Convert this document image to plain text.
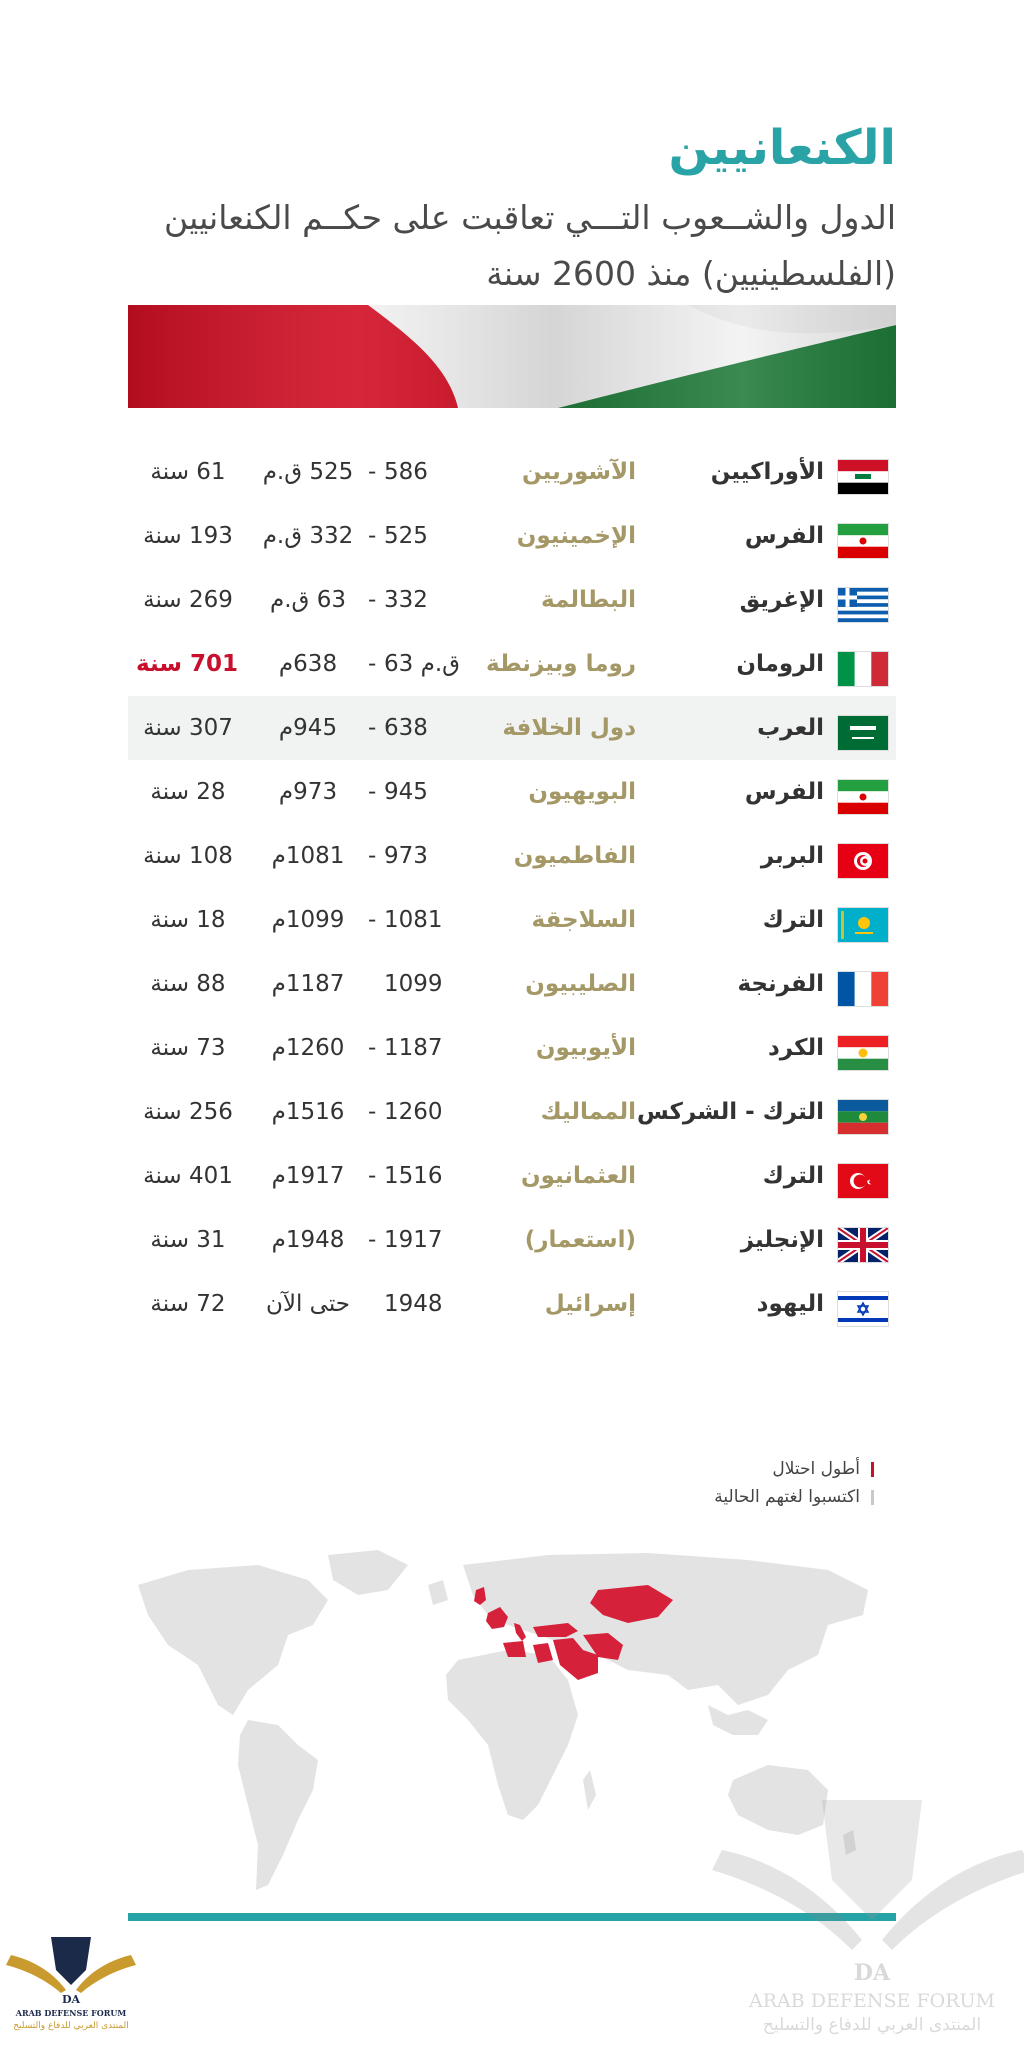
الكنعانيين
الدول والشــعوب التـــي تعاقبت على حكــم الكنعانيين (الفلسطينيين) منذ 2600 سنة
الأوراكيين
الآشوريين
586
-
525 ق.م
61 سنة
الفرس
الإخمينيون
525
-
332 ق.م
193 سنة
الإغريق
البطالمة
332
-
63 ق.م
269 سنة
الرومان
روما وبيزنطة
63 ق.م
-
638م
701 سنة
العرب
دول الخلافة
638
-
945م
307 سنة
الفرس
البويهيون
945
-
973م
28 سنة
البربر
الفاطميون
973
-
1081م
108 سنة
الترك
السلاجقة
1081
-
1099م
18 سنة
الفرنجة
الصليبيون
1099
1187م
88 سنة
الكرد
الأيوبيون
1187
-
1260م
73 سنة
الترك - الشركس
المماليك
1260
-
1516م
256 سنة
الترك
العثمانيون
1516
-
1917م
401 سنة
الإنجليز
(استعمار)
1917
-
1948م
31 سنة
اليهود
إسرائيل
1948
حتى الآن
72 سنة
أطول احتلال
اكتسبوا لغتهم الحالية
DA
ARAB DEFENSE FORUM
المنتدى العربي للدفاع والتسليح
DA
ARAB DEFENSE FORUM
المنتدى العربي للدفاع والتسليح
